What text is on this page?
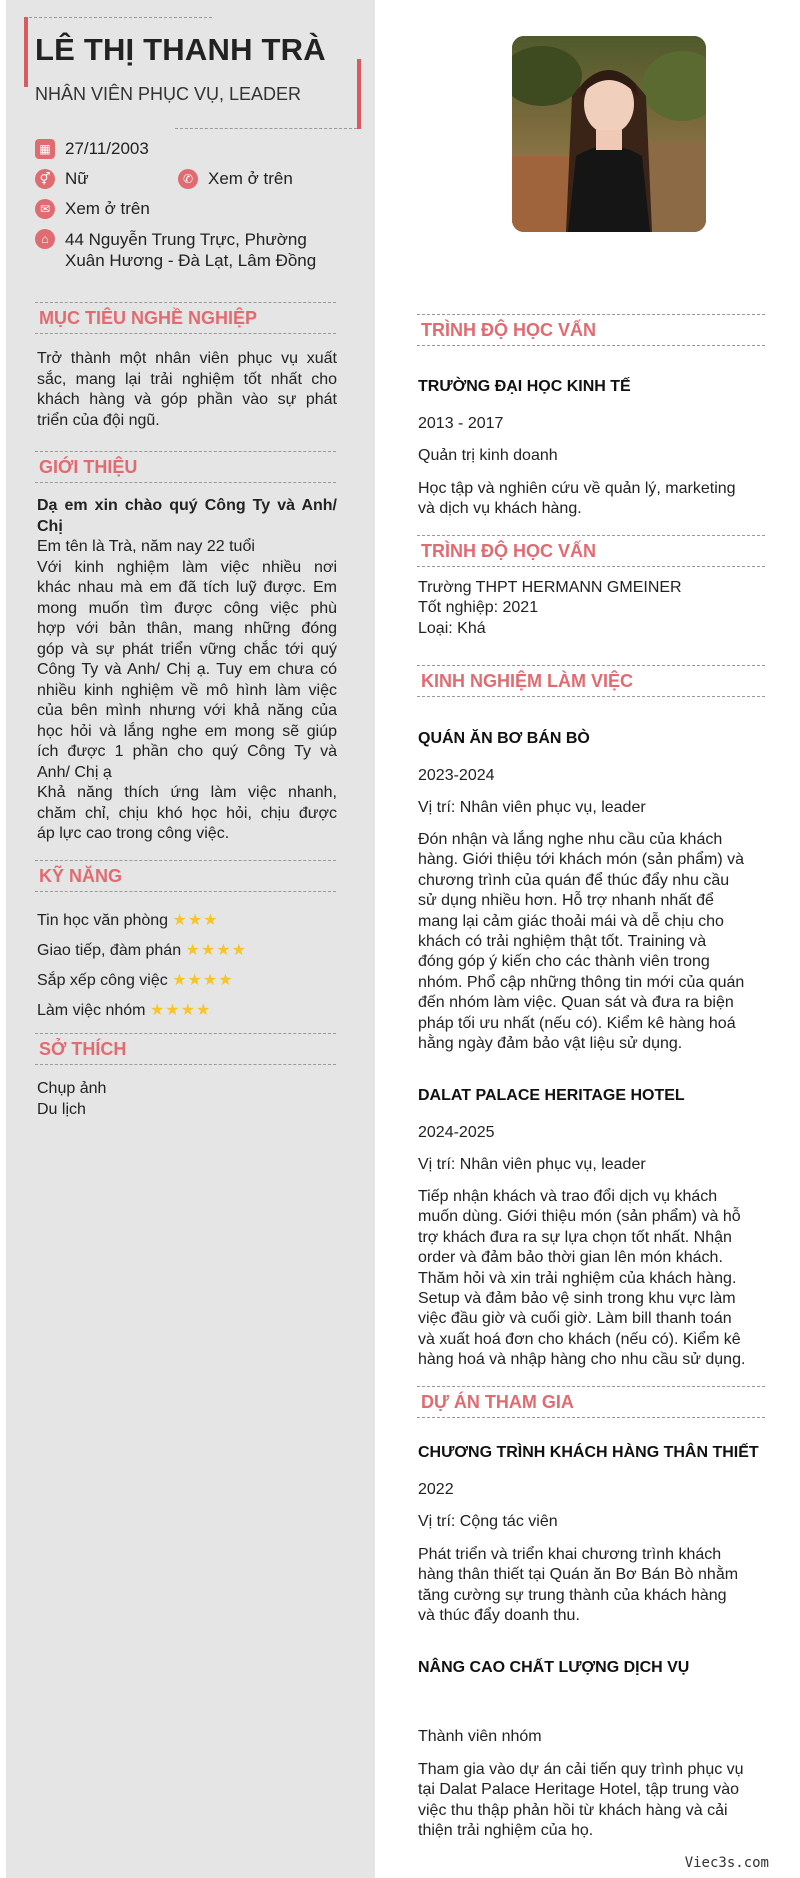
LÊ THỊ THANH TRÀ
NHÂN VIÊN PHỤC VỤ, LEADER
▦ 27/11/2003
⚥ Nữ	✆ Xem ở trên
✉ Xem ở trên
⌂ 44 Nguyễn Trung Trực, Phường
Xuân Hương - Đà Lạt, Lâm Đồng
MỤC TIÊU NGHỀ NGHIỆP
Trở thành một nhân viên phục vụ xuất
sắc, mang lại trải nghiệm tốt nhất cho
khách hàng và góp phần vào sự phát
triển của đội ngũ.
GIỚI THIỆU
Dạ em xin chào quý Công Ty và Anh/
Chị
Em tên là Trà, năm nay 22 tuổi
Với kinh nghiệm làm việc nhiều nơi
khác nhau mà em đã tích luỹ được. Em
mong muốn tìm được công việc phù
hợp với bản thân, mang những đóng
góp và sự phát triển vững chắc tới quý
Công Ty và Anh/ Chị ạ. Tuy em chưa có
nhiều kinh nghiệm về mô hình làm việc
của bên mình nhưng với khả năng của
học hỏi và lắng nghe em mong sẽ giúp
ích được 1 phần cho quý Công Ty và
Anh/ Chị ạ
Khả năng thích ứng làm việc nhanh,
chăm chỉ, chịu khó học hỏi, chịu được
áp lực cao trong công việc.
KỸ NĂNG
Tin học văn phòng ★★★
Giao tiếp, đàm phán ★★★★
Sắp xếp công việc ★★★★
Làm việc nhóm ★★★★
SỞ THÍCH
Chụp ảnh
Du lịch
TRÌNH ĐỘ HỌC VẤN
TRƯỜNG ĐẠI HỌC KINH TẾ
2013 - 2017
Quản trị kinh doanh
Học tập và nghiên cứu về quản lý, marketing
và dịch vụ khách hàng.
TRÌNH ĐỘ HỌC VẤN
Trường THPT HERMANN GMEINER
Tốt nghiệp: 2021
Loại: Khá
KINH NGHIỆM LÀM VIỆC
QUÁN ĂN BƠ BÁN BÒ
2023-2024
Vị trí: Nhân viên phục vụ, leader
Đón nhận và lắng nghe nhu cầu của khách
hàng. Giới thiệu tới khách món (sản phẩm) và
chương trình của quán để thúc đẩy nhu cầu
sử dụng nhiều hơn. Hỗ trợ nhanh nhất để
mang lại cảm giác thoải mái và dễ chịu cho
khách có trải nghiệm thật tốt. Training và
đóng góp ý kiến cho các thành viên trong
nhóm. Phổ cập những thông tin mới của quán
đến nhóm làm việc. Quan sát và đưa ra biện
pháp tối ưu nhất (nếu có). Kiểm kê hàng hoá
hằng ngày đảm bảo vật liệu sử dụng.
DALAT PALACE HERITAGE HOTEL
2024-2025
Vị trí: Nhân viên phục vụ, leader
Tiếp nhận khách và trao đổi dịch vụ khách
muốn dùng. Giới thiệu món (sản phẩm) và hỗ
trợ khách đưa ra sự lựa chọn tốt nhất. Nhận
order và đảm bảo thời gian lên món khách.
Thăm hỏi và xin trải nghiệm của khách hàng.
Setup và đảm bảo vệ sinh trong khu vực làm
việc đầu giờ và cuối giờ. Làm bill thanh toán
và xuất hoá đơn cho khách (nếu có). Kiểm kê
hàng hoá và nhập hàng cho nhu cầu sử dụng.
DỰ ÁN THAM GIA
CHƯƠNG TRÌNH KHÁCH HÀNG THÂN THIẾT
2022
Vị trí: Cộng tác viên
Phát triển và triển khai chương trình khách
hàng thân thiết tại Quán ăn Bơ Bán Bò nhằm
tăng cường sự trung thành của khách hàng
và thúc đẩy doanh thu.
NÂNG CAO CHẤT LƯỢNG DỊCH VỤ
Thành viên nhóm
Tham gia vào dự án cải tiến quy trình phục vụ
tại Dalat Palace Heritage Hotel, tập trung vào
việc thu thập phản hồi từ khách hàng và cải
thiện trải nghiệm của họ.
Viec3s.com
